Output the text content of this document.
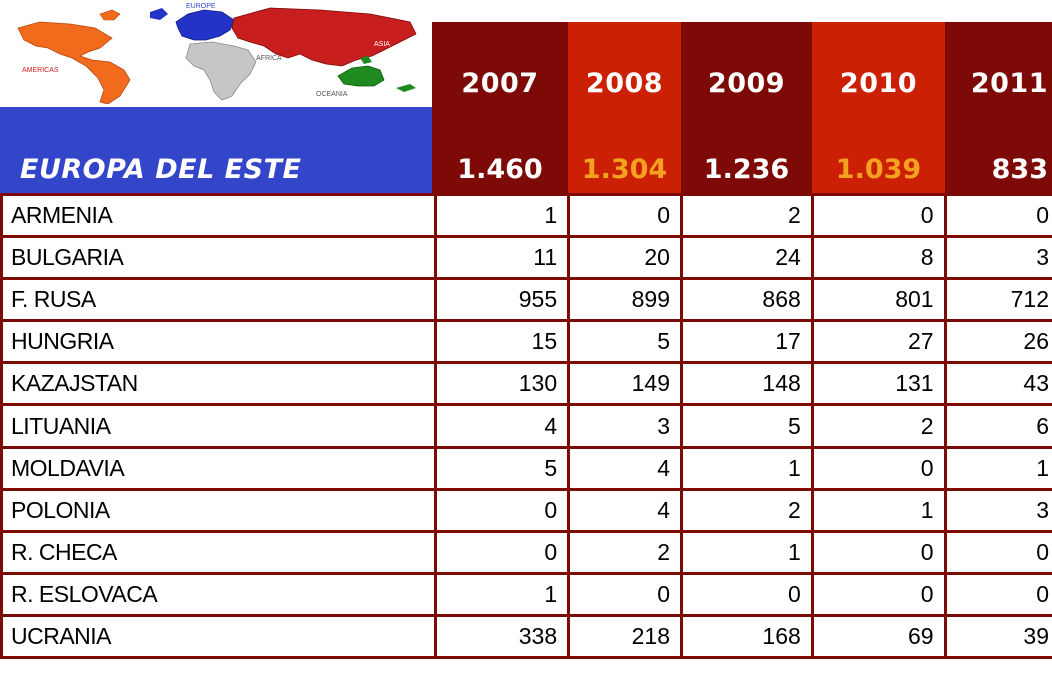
EUROPE
ASIA
AMERICAS
AFRICA
OCEANIA	2007	2008	2009	2010	2011
EUROPA DEL ESTE	1.460	1.304	1.236	1.039	833
ARMENIA	1	0	2	0	0
BULGARIA	11	20	24	8	3
F. RUSA	955	899	868	801	712
HUNGRIA	15	5	17	27	26
KAZAJSTAN	130	149	148	131	43
LITUANIA	4	3	5	2	6
MOLDAVIA	5	4	1	0	1
POLONIA	0	4	2	1	3
R. CHECA	0	2	1	0	0
R. ESLOVACA	1	0	0	0	0
UCRANIA	338	218	168	69	39
